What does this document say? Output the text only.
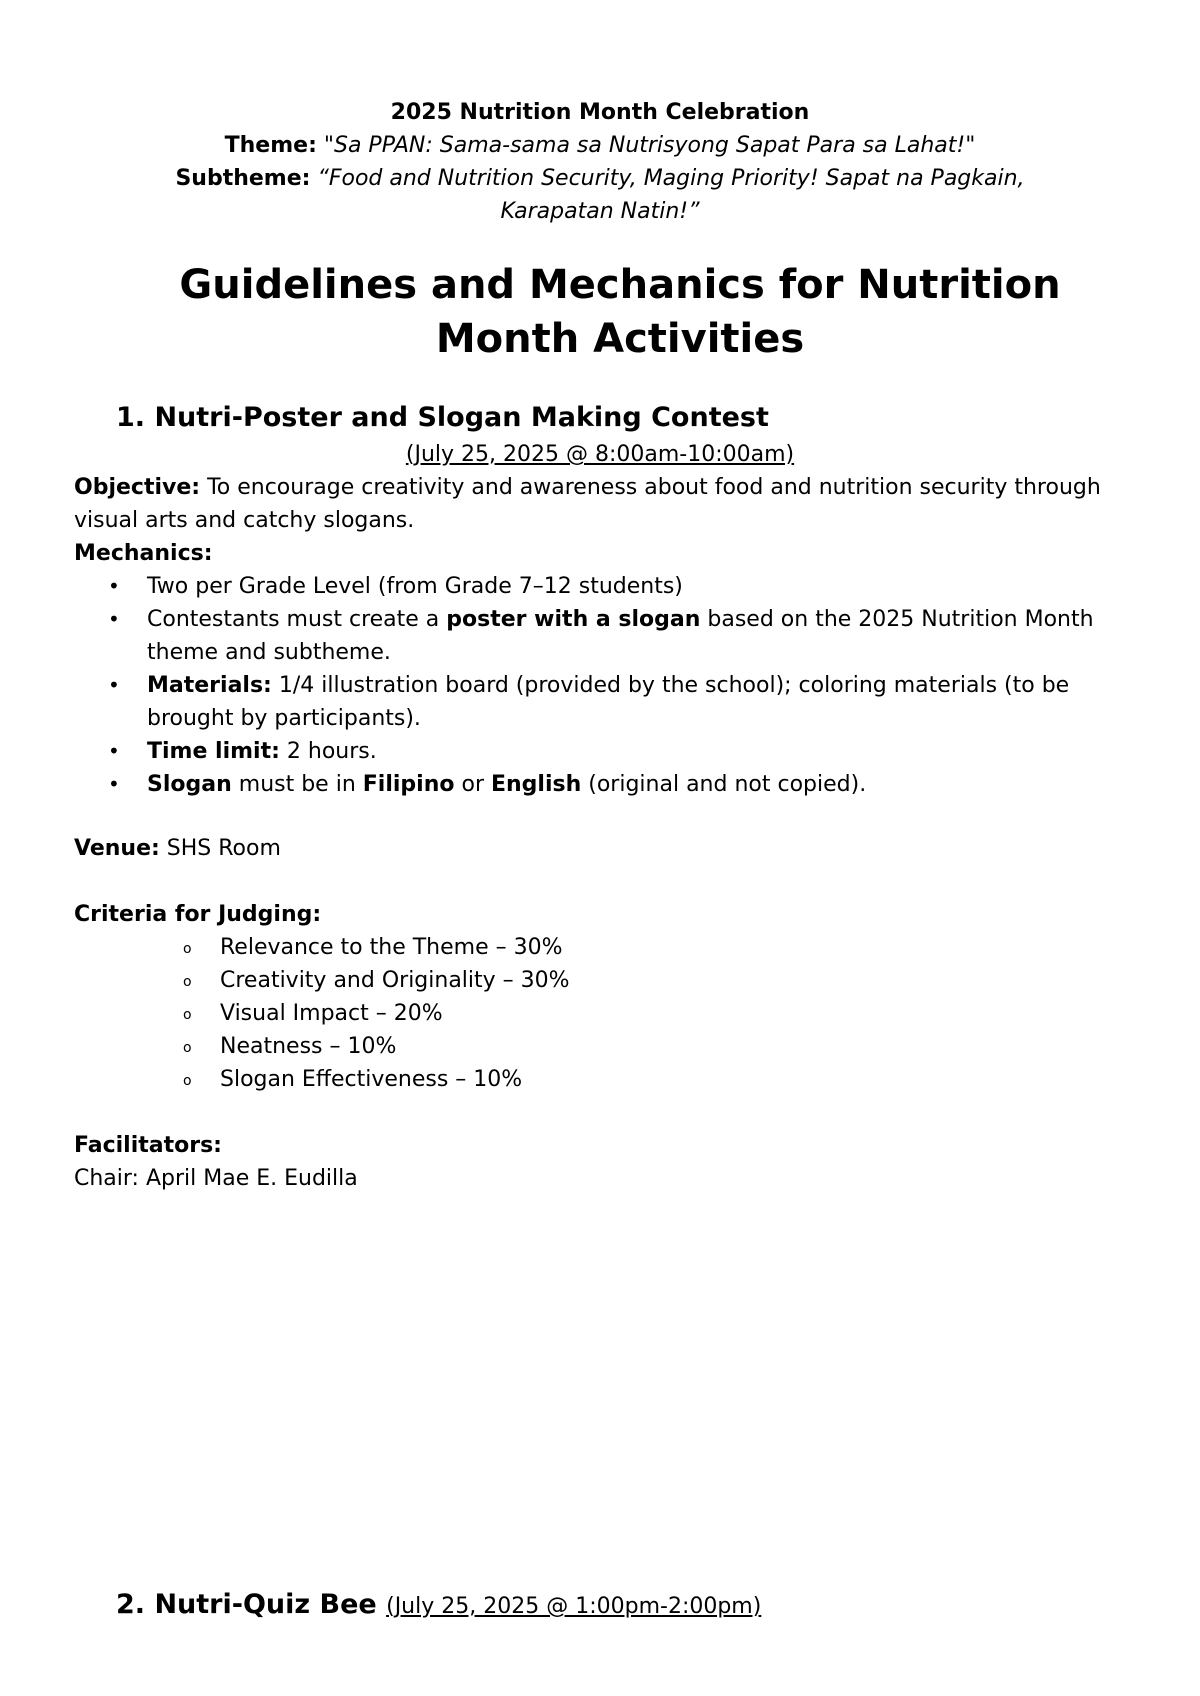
2025 Nutrition Month Celebration
Theme: "Sa PPAN: Sama-sama sa Nutrisyong Sapat Para sa Lahat!"
Subtheme: “Food and Nutrition Security, Maging Priority! Sapat na Pagkain,
Karapatan Natin!”
Guidelines and Mechanics for Nutrition
Month Activities
1. Nutri-Poster and Slogan Making Contest
(July 25, 2025 @ 8:00am-10:00am)
Objective: To encourage creativity and awareness about food and nutrition security through visual arts and catchy slogans.
Mechanics:
• Two per Grade Level (from Grade 7–12 students)
• Contestants must create a poster with a slogan based on the 2025 Nutrition Month theme and subtheme.
• Materials: 1/4 illustration board (provided by the school); coloring materials (to be brought by participants).
• Time limit: 2 hours.
• Slogan must be in Filipino or English (original and not copied).
Venue: SHS Room
Criteria for Judging:
o Relevance to the Theme – 30%
o Creativity and Originality – 30%
o Visual Impact – 20%
o Neatness – 10%
o Slogan Effectiveness – 10%
Facilitators:
Chair: April Mae E. Eudilla
2. Nutri-Quiz Bee (July 25, 2025 @ 1:00pm-2:00pm)
